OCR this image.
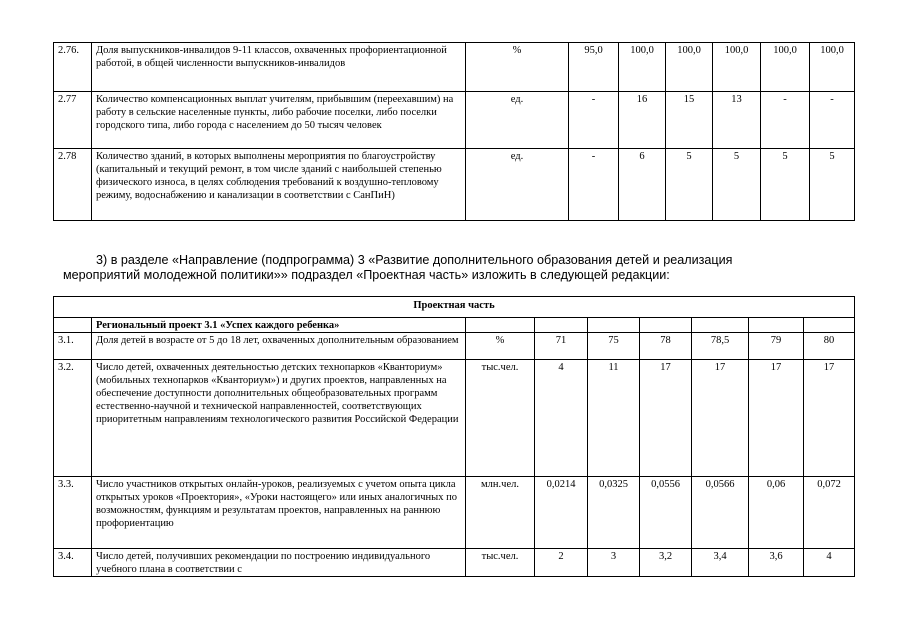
2.76.	Доля выпускников-инвалидов 9-11 классов, охваченных профориентационной работой, в общей численности выпускников-инвалидов	%	95,0	100,0	100,0	100,0	100,0	100,0
2.77	Количество компенсационных выплат учителям, прибывшим (переехавшим) на работу в сельские населенные пункты, либо рабочие поселки, либо поселки городского типа, либо города с населением до 50 тысяч человек	ед.	-	16	15	13	-	-
2.78	Количество зданий, в которых выполнены мероприятия по благоустройству (капитальный и текущий ремонт, в том числе зданий с наибольшей степенью физического износа, в целях соблюдения требований к воздушно-тепловому режиму, водоснабжению и канализации в соответствии с СанПиН)	ед.	-	6	5	5	5	5
3) в разделе «Направление (подпрограмма) 3 «Развитие дополнительного образования детей и реализация
мероприятий молодежной политики»» подраздел «Проектная часть» изложить в следующей редакции:
Проектная часть								
	Региональный проект 3.1 «Успех каждого ребенка»							
3.1.	Доля детей в возрасте от 5 до 18 лет, охваченных дополнительным образованием	%	71	75	78	78,5	79	80
3.2.	Число детей, охваченных деятельностью детских технопарков «Кванториум» (мобильных технопарков «Кванториум») и других проектов, направленных на обеспечение доступности дополнительных общеобразовательных программ естественно-научной и технической направленностей, соответствующих приоритетным направлениям технологического развития Российской Федерации	тыс.чел.	4	11	17	17	17	17
3.3.	Число участников открытых онлайн-уроков, реализуемых с учетом опыта цикла открытых уроков «Проектория», «Уроки настоящего» или иных аналогичных по возможностям, функциям и результатам проектов, направленных на раннюю профориентацию	млн.чел.	0,0214	0,0325	0,0556	0,0566	0,06	0,072
3.4.	Число детей, получивших рекомендации по построению индивидуального учебного плана в соответствии с	тыс.чел.	2	3	3,2	3,4	3,6	4
